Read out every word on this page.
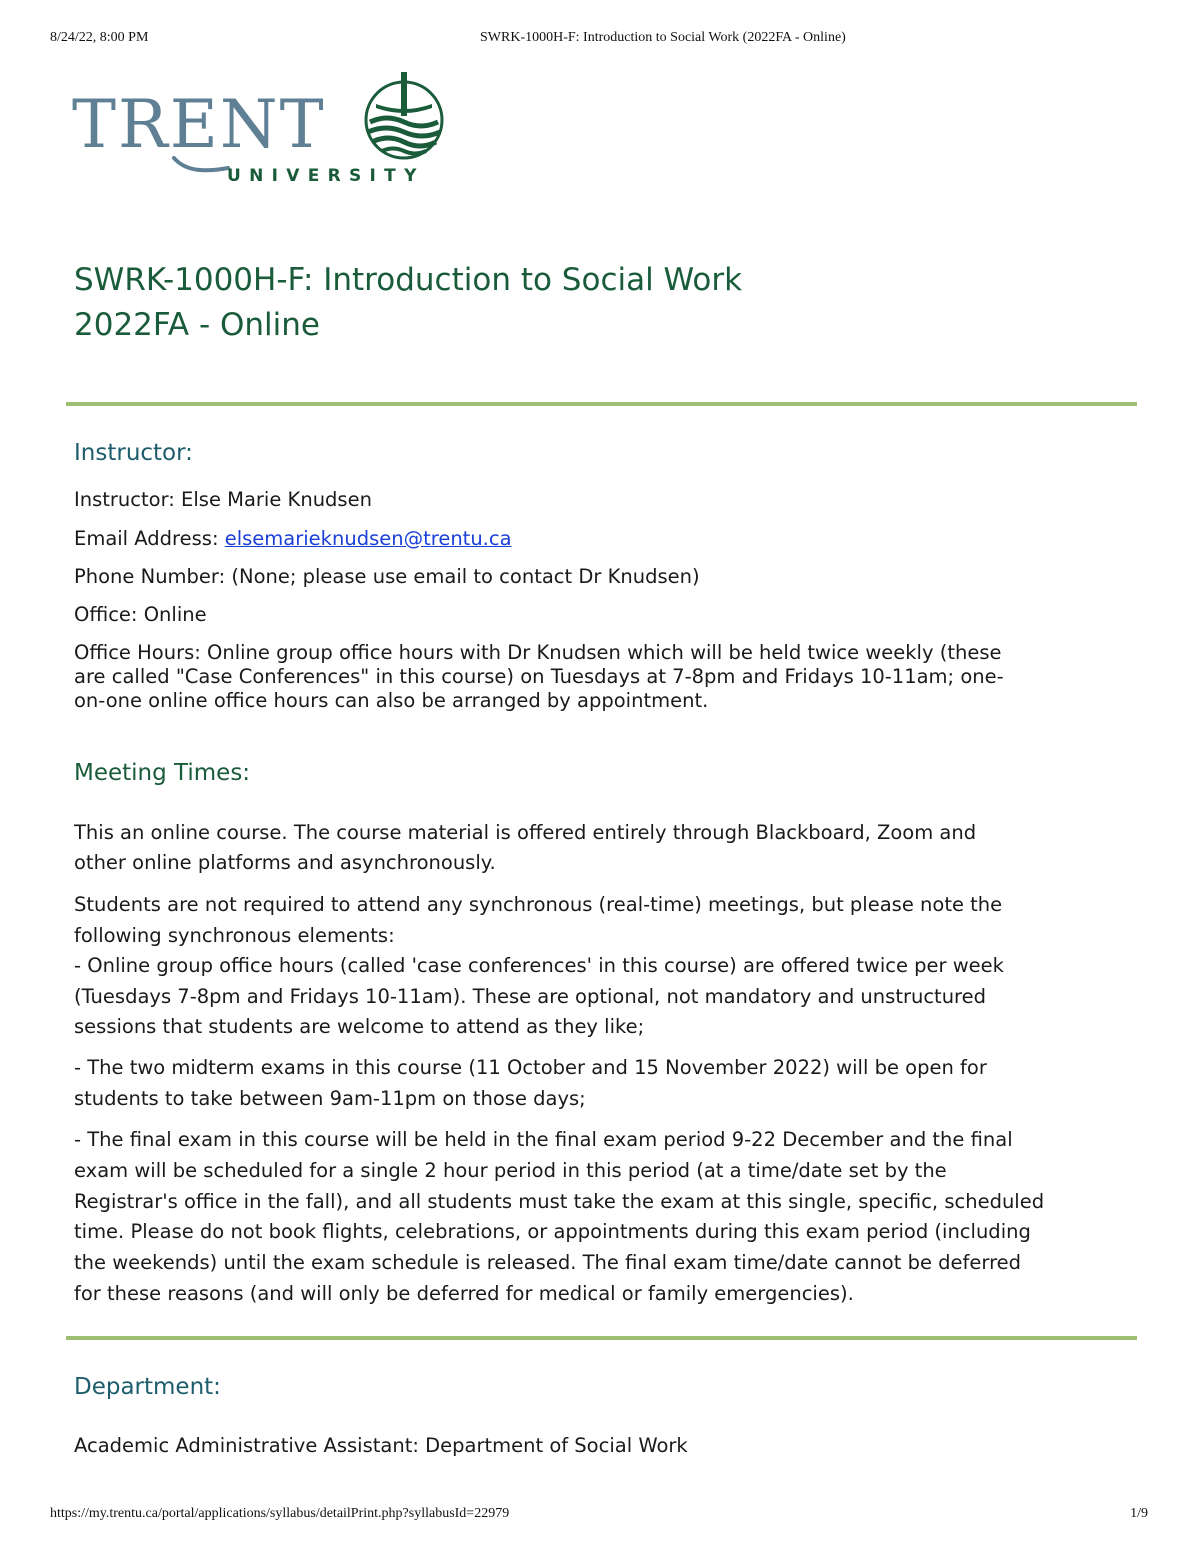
8/24/22, 8:00 PM	SWRK-1000H-F: Introduction to Social Work (2022FA - Online)
TRENT
UNIVERSITY
SWRK-1000H-F: Introduction to Social Work
2022FA - Online
Instructor:
Instructor: Else Marie Knudsen
Email Address: elsemarieknudsen@trentu.ca
Phone Number: (None; please use email to contact Dr Knudsen)
Office: Online
Office Hours: Online group office hours with Dr Knudsen which will be held twice weekly (these
are called "Case Conferences" in this course) on Tuesdays at 7-8pm and Fridays 10-11am; one-
on-one online office hours can also be arranged by appointment.
Meeting Times:
This an online course. The course material is offered entirely through Blackboard, Zoom and
other online platforms and asynchronously.
Students are not required to attend any synchronous (real-time) meetings, but please note the
following synchronous elements:
- Online group office hours (called 'case conferences' in this course) are offered twice per week
(Tuesdays 7-8pm and Fridays 10-11am). These are optional, not mandatory and unstructured
sessions that students are welcome to attend as they like;
- The two midterm exams in this course (11 October and 15 November 2022) will be open for
students to take between 9am-11pm on those days;
- The final exam in this course will be held in the final exam period 9-22 December and the final
exam will be scheduled for a single 2 hour period in this period (at a time/date set by the
Registrar's office in the fall), and all students must take the exam at this single, specific, scheduled
time. Please do not book flights, celebrations, or appointments during this exam period (including
the weekends) until the exam schedule is released. The final exam time/date cannot be deferred
for these reasons (and will only be deferred for medical or family emergencies).
Department:
Academic Administrative Assistant: Department of Social Work
https://my.trentu.ca/portal/applications/syllabus/detailPrint.php?syllabusId=22979	1/9
